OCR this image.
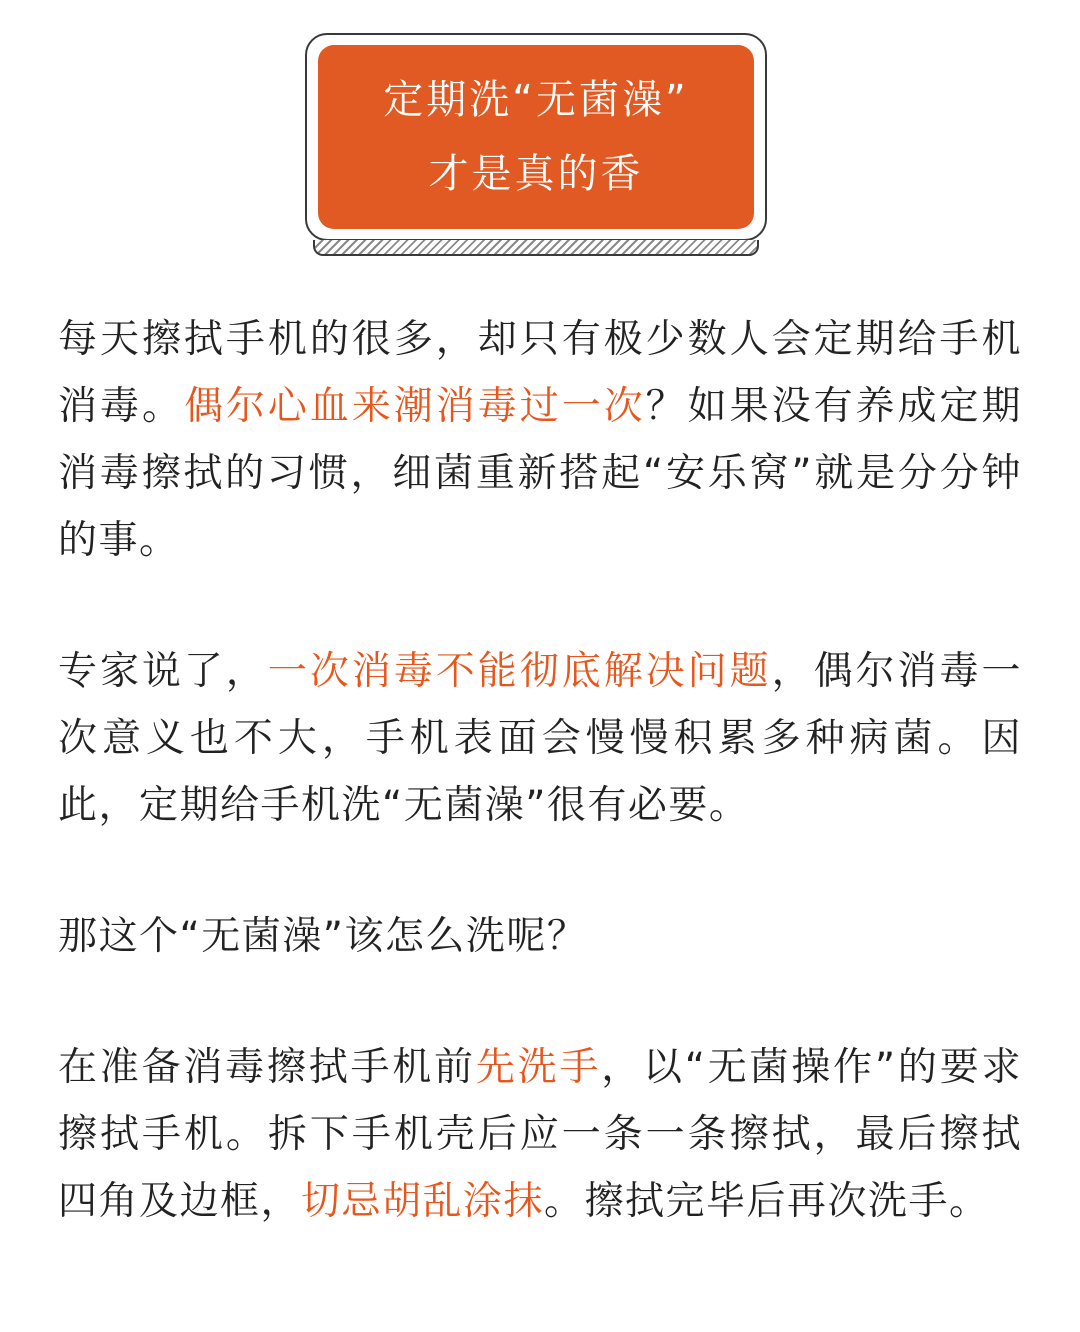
定期洗“无菌澡”
才是真的香

每天擦拭手机的很多，却只有极少数人会定期给手机消毒。偶尔心血来潮消毒过一次？如果没有养成定期消毒擦拭的习惯，细菌重新搭起“安乐窝”就是分分钟的事。

专家说了，一次消毒不能彻底解决问题，偶尔消毒一次意义也不大，手机表面会慢慢积累多种病菌。因此，定期给手机洗“无菌澡”很有必要。

那这个“无菌澡”该怎么洗呢？

在准备消毒擦拭手机前先洗手，以“无菌操作”的要求擦拭手机。拆下手机壳后应一条一条擦拭，最后擦拭四角及边框，切忌胡乱涂抹。擦拭完毕后再次洗手。
